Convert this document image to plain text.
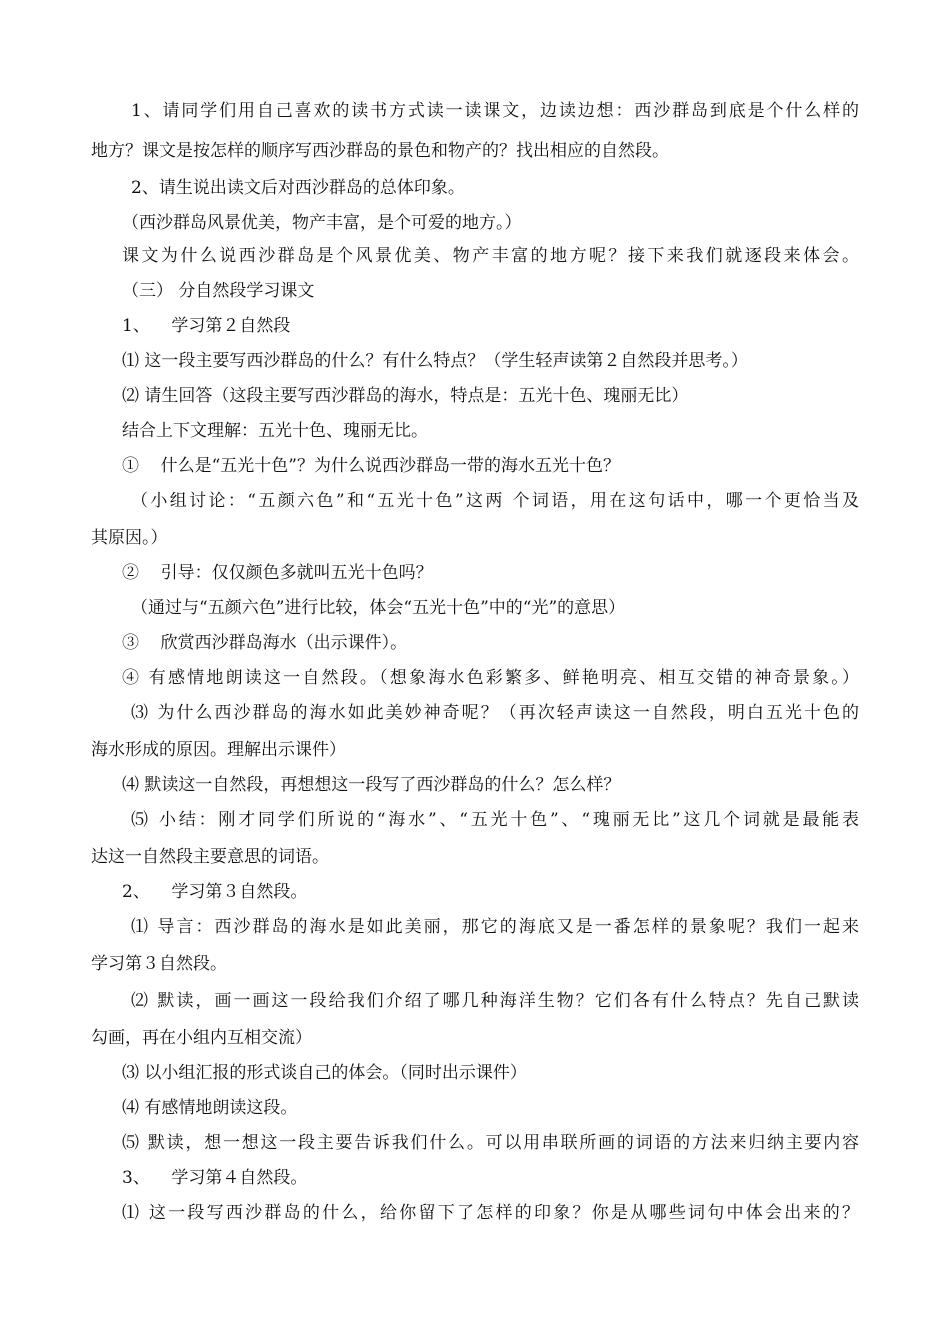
1、请同学们用自己喜欢的读书方式读一读课文，边读边想：西沙群岛到底是个什么样的
地方？课文是按怎样的顺序写西沙群岛的景色和物产的？找出相应的自然段。
2、请生说出读文后对西沙群岛的总体印象。
（西沙群岛风景优美，物产丰富，是个可爱的地方。）
课文为什么说西沙群岛是个风景优美、物产丰富的地方呢？接下来我们就逐段来体会。
（三） 分自然段学习课文
1、    学习第２自然段
⑴ 这一段主要写西沙群岛的什么？有什么特点？（学生轻声读第２自然段并思考。）
⑵ 请生回答（这段主要写西沙群岛的海水，特点是：五光十色、瑰丽无比）
结合上下文理解：五光十色、瑰丽无比。
①    什么是“五光十色”？为什么说西沙群岛一带的海水五光十色？
（小组讨论：“五颜六色”和“五光十色”这两 个词语，用在这句话中，哪一个更恰当及
其原因。）
②    引导：仅仅颜色多就叫五光十色吗？
（通过与“五颜六色”进行比较，体会“五光十色”中的“光”的意思）
③    欣赏西沙群岛海水（出示课件）。
④ 有感情地朗读这一自然段。（想象海水色彩繁多、鲜艳明亮、相互交错的神奇景象。）
⑶ 为什么西沙群岛的海水如此美妙神奇呢？（再次轻声读这一自然段，明白五光十色的
海水形成的原因。理解出示课件）
⑷ 默读这一自然段，再想想这一段写了西沙群岛的什么？怎么样？
⑸ 小结：刚才同学们所说的“海水”、“五光十色”、“瑰丽无比”这几个词就是最能表
达这一自然段主要意思的词语。
2、    学习第３自然段。
⑴ 导言：西沙群岛的海水是如此美丽，那它的海底又是一番怎样的景象呢？我们一起来
学习第３自然段。
⑵ 默读，画一画这一段给我们介绍了哪几种海洋生物？它们各有什么特点？先自己默读
勾画，再在小组内互相交流）
⑶ 以小组汇报的形式谈自己的体会。（同时出示课件）
⑷ 有感情地朗读这段。
⑸ 默读，想一想这一段主要告诉我们什么。可以用串联所画的词语的方法来归纳主要内容
3、    学习第４自然段。
⑴ 这一段写西沙群岛的什么，给你留下了怎样的印象？你是从哪些词句中体会出来的？
